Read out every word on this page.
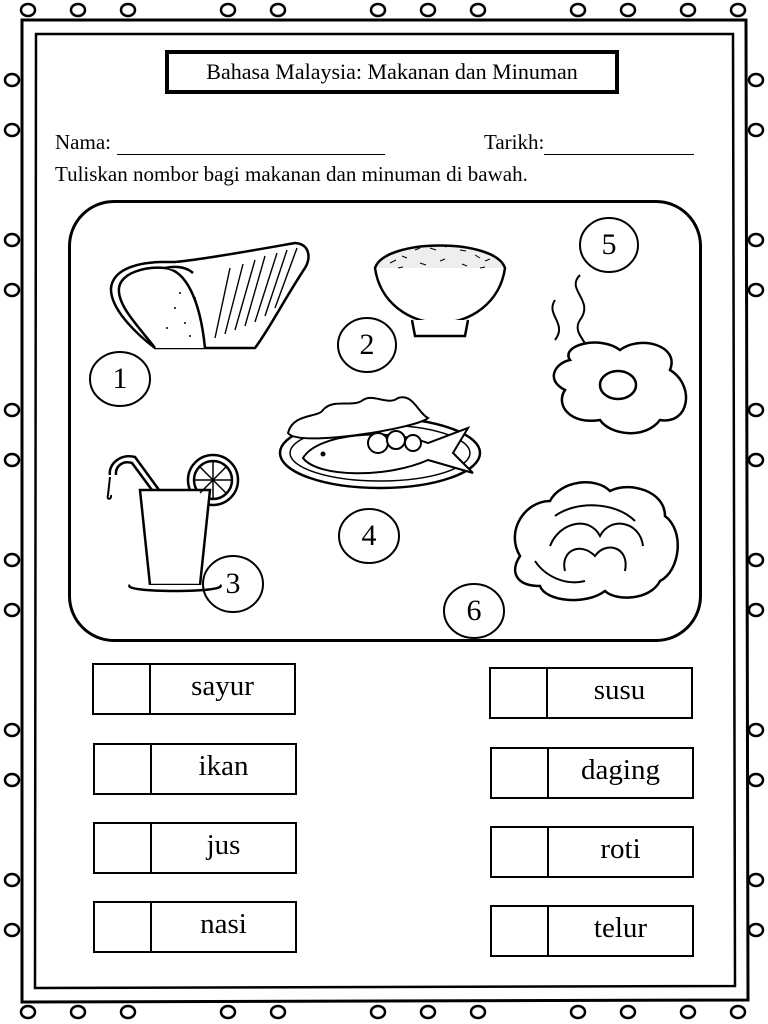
Bahasa Malaysia: Makanan dan Minuman
Nama:	Tarikh:
Tuliskan nombor bagi makanan dan minuman di bawah.
1
2
3
4
5
6
sayur
ikan
jus
nasi
susu
daging
roti
telur
